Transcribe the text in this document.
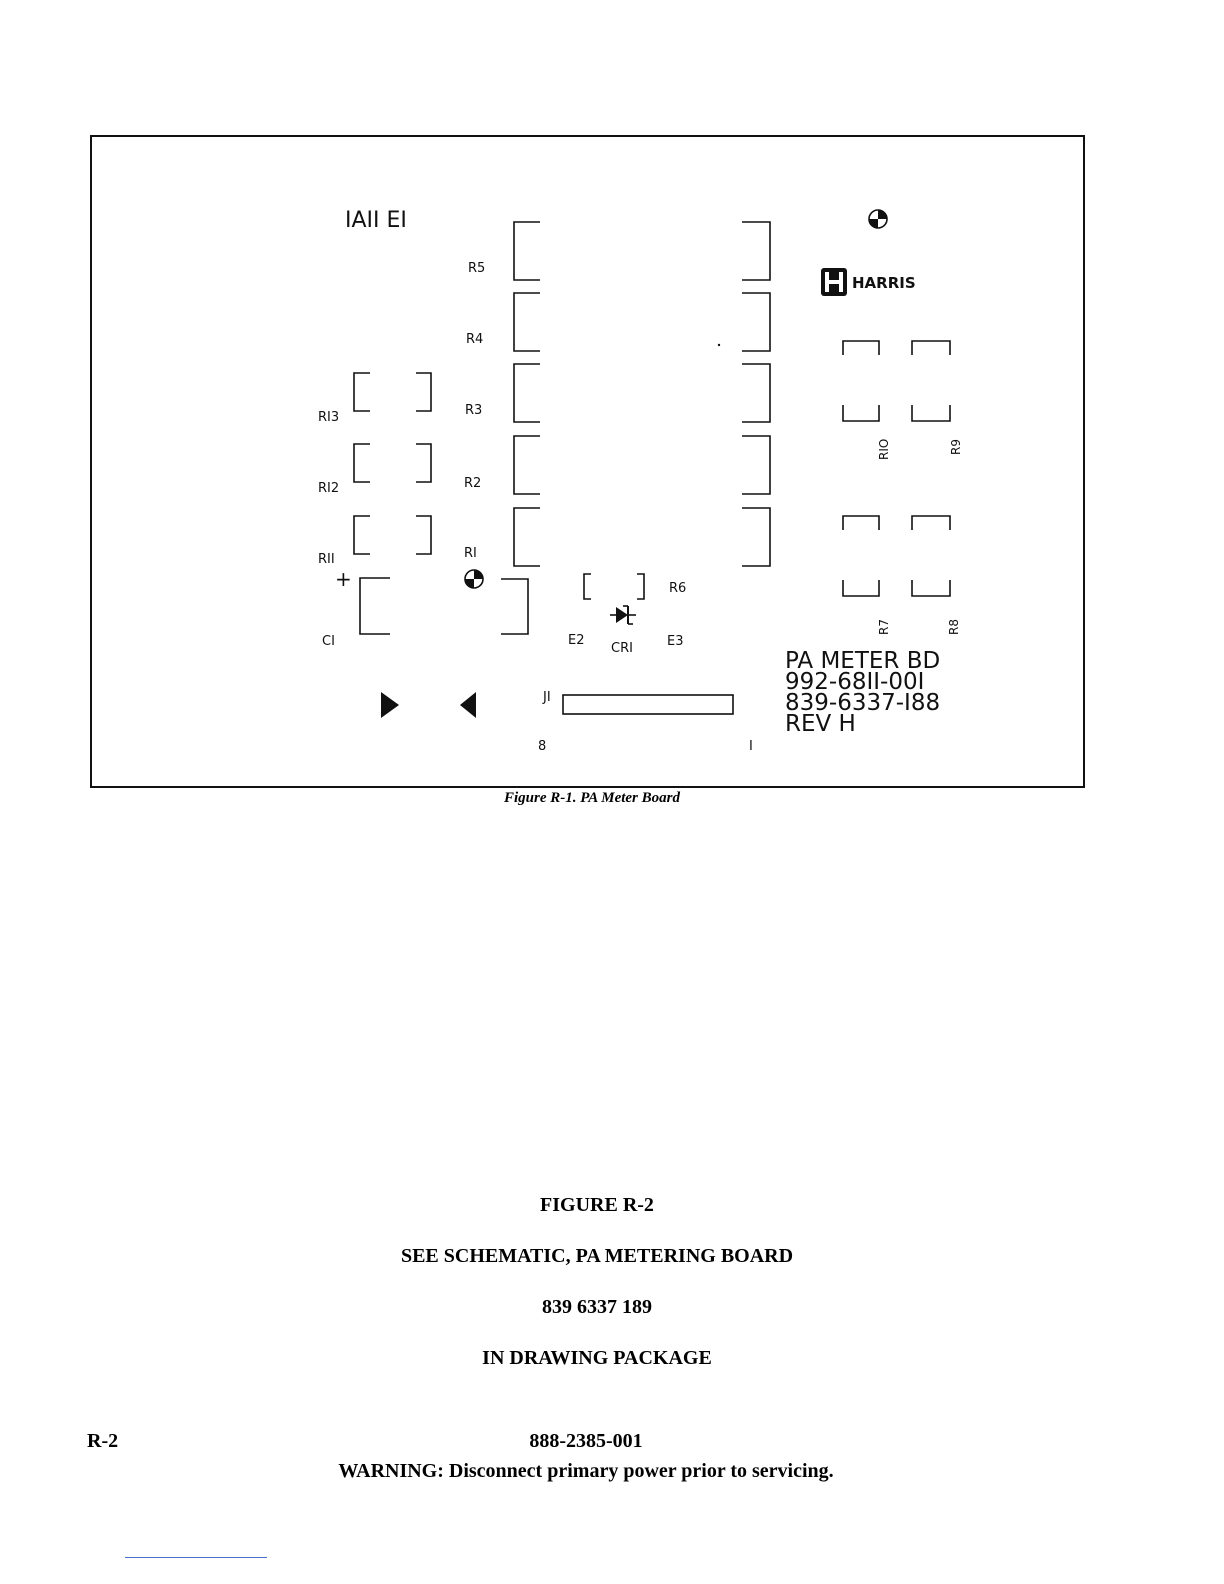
IAII EI
R5
R4
R3
R2
RI
RI3
RI2
RII
+
CI
R6
E2
CRI	E3
JI
8	I
HARRIS
RIO	R9
R7	R8
PA METER BD
992-68II-00I
839-6337-I88
REV H
Figure R-1. PA Meter Board
FIGURE R-2
SEE SCHEMATIC, PA METERING BOARD
839 6337 189
IN DRAWING PACKAGE
R-2	888-2385-001
WARNING: Disconnect primary power prior to servicing.
